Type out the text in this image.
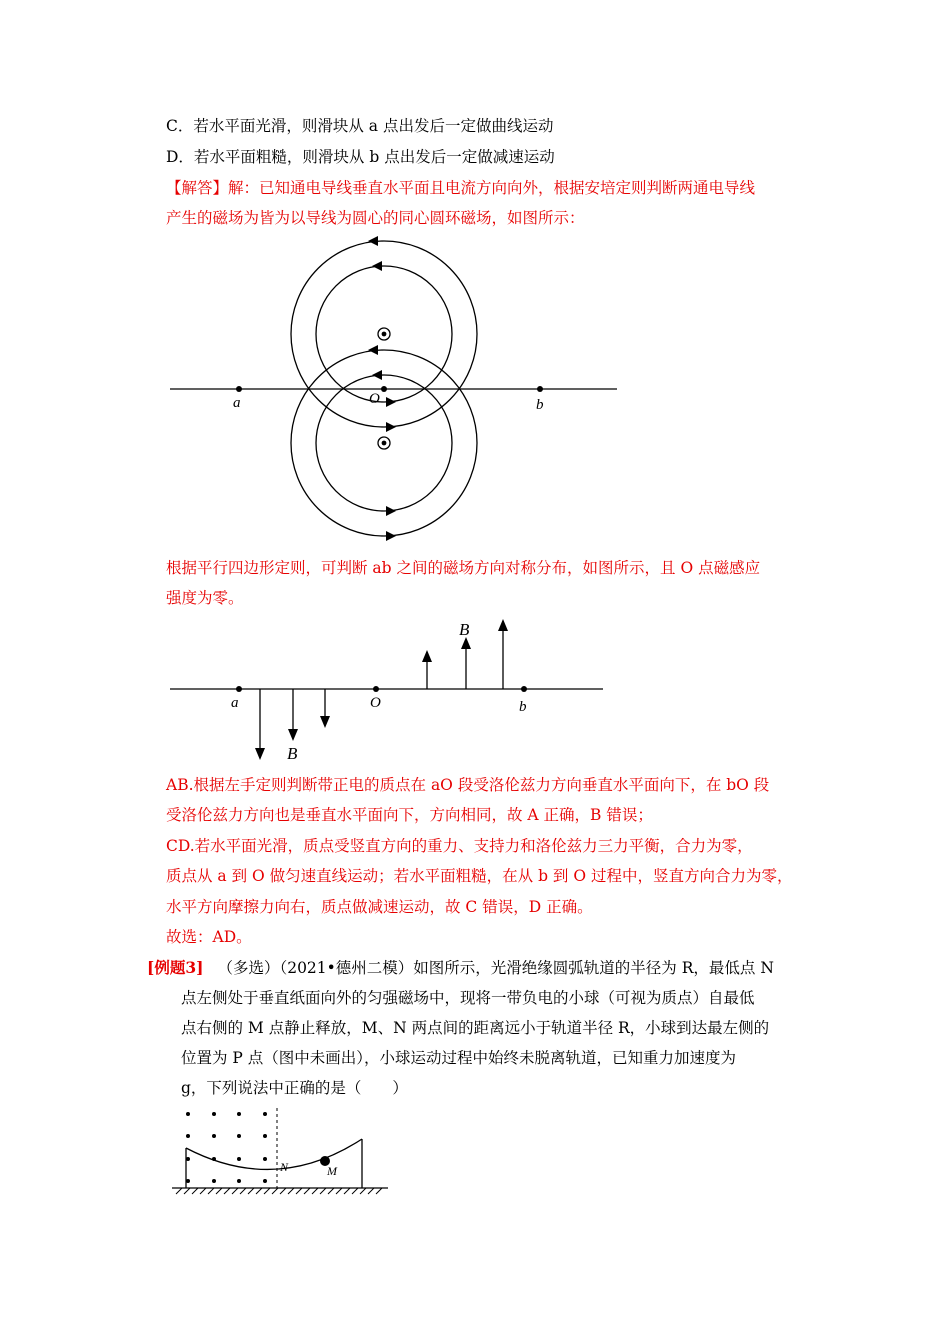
C．若水平面光滑，则滑块从 a 点出发后一定做曲线运动
D．若水平面粗糙，则滑块从 b 点出发后一定做减速运动
【解答】解：已知通电导线垂直水平面且电流方向向外，根据安培定则判断两通电导线
产生的磁场为皆为以导线为圆心的同心圆环磁场，如图所示：
a	O	b
根据平行四边形定则，可判断 ab 之间的磁场方向对称分布，如图所示，且 O 点磁感应
强度为零。
a	O	b
B
B
AB.根据左手定则判断带正电的质点在 aO 段受洛伦兹力方向垂直水平面向下，在 bO 段
受洛伦兹力方向也是垂直水平面向下，方向相同，故 A 正确，B 错误；
CD.若水平面光滑，质点受竖直方向的重力、支持力和洛伦兹力三力平衡，合力为零，
质点从 a 到 O 做匀速直线运动；若水平面粗糙，在从 b 到 O 过程中，竖直方向合力为零，
水平方向摩擦力向右，质点做减速运动，故 C 错误，D 正确。
故选：AD。
[例题3] （多选）（2021•德州二模）如图所示，光滑绝缘圆弧轨道的半径为 R，最低点 N
点左侧处于垂直纸面向外的匀强磁场中，现将一带负电的小球（可视为质点）自最低
点右侧的 M 点静止释放，M、N 两点间的距离远小于轨道半径 R，小球到达最左侧的
位置为 P 点（图中未画出），小球运动过程中始终未脱离轨道，已知重力加速度为
g，下列说法中正确的是（　　）
N	M
